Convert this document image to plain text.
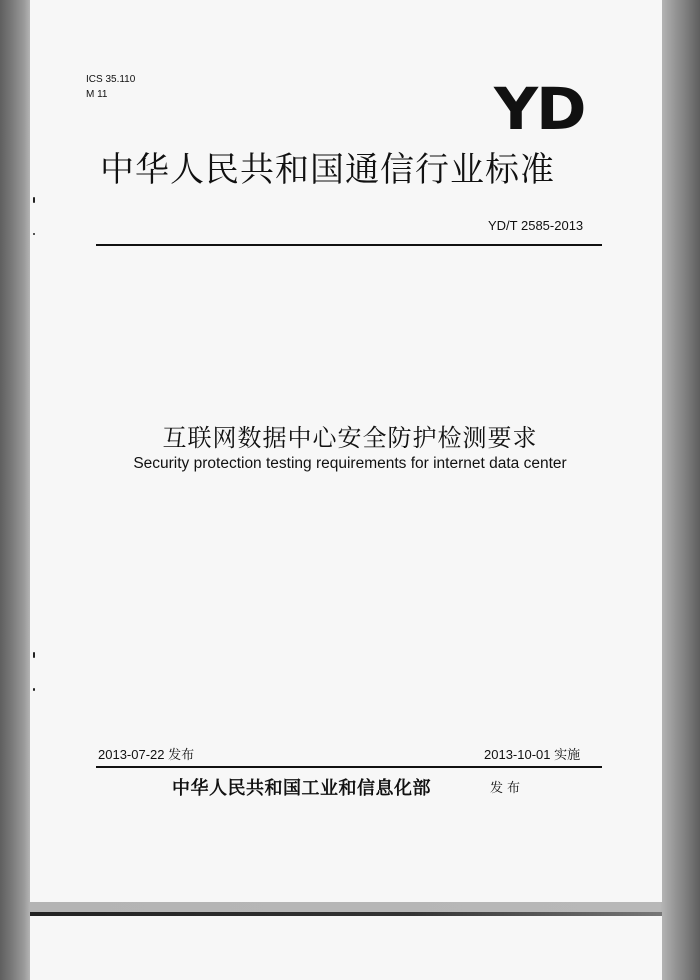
ICS 35.110
M 11	YD
中华人民共和国通信行业标准
YD/T 2585-2013
互联网数据中心安全防护检测要求
Security protection testing requirements for internet data center
2013-07-22 发布	2013-10-01 实施
中华人民共和国工业和信息化部	发布
